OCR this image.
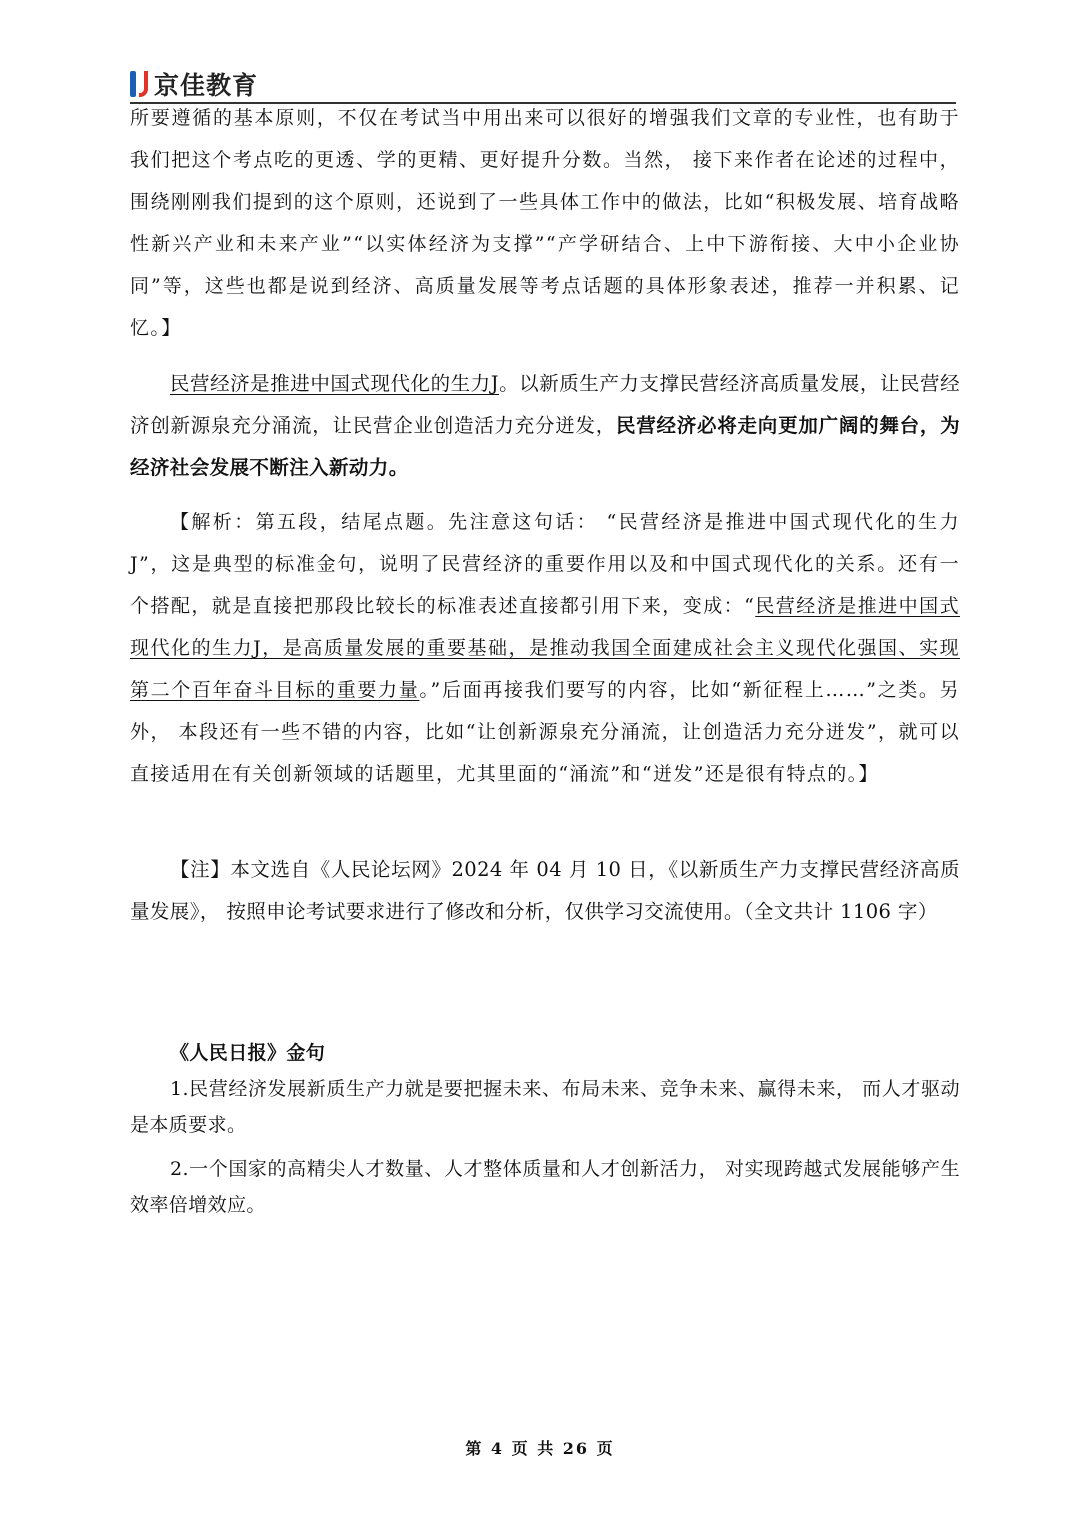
京佳教育

所要遵循的基本原则，不仅在考试当中用出来可以很好的增强我们文章的专业性，也有助于我们把这个考点吃的更透、学的更精、更好提升分数。当然， 接下来作者在论述的过程中，围绕刚刚我们提到的这个原则，还说到了一些具体工作中的做法，比如“积极发展、培育战略性新兴产业和未来产业”“以实体经济为支撑”“产学研结合、上中下游衔接、大中小企业协同”等，这些也都是说到经济、高质量发展等考点话题的具体形象表述，推荐一并积累、记忆。】

民营经济是推进中国式现代化的生力J。以新质生产力支撑民营经济高质量发展，让民营经济创新源泉充分涌流，让民营企业创造活力充分迸发，民营经济必将走向更加广阔的舞台，为经济社会发展不断注入新动力。

【解析：第五段，结尾点题。先注意这句话： “民营经济是推进中国式现代化的生力J”，这是典型的标准金句，说明了民营经济的重要作用以及和中国式现代化的关系。还有一个搭配，就是直接把那段比较长的标准表述直接都引用下来，变成：“民营经济是推进中国式现代化的生力J，是高质量发展的重要基础，是推动我国全面建成社会主义现代化强国、实现第二个百年奋斗目标的重要力量。”后面再接我们要写的内容，比如“新征程上……”之类。另外， 本段还有一些不错的内容，比如“让创新源泉充分涌流，让创造活力充分迸发”，就可以直接适用在有关创新领域的话题里，尤其里面的“涌流”和“迸发”还是很有特点的。】

【注】本文选自《人民论坛网》2024 年 04 月 10 日，《以新质生产力支撑民营经济高质量发展》， 按照申论考试要求进行了修改和分析，仅供学习交流使用。（全文共计 1106 字）

《人民日报》金句

1.民营经济发展新质生产力就是要把握未来、布局未来、竞争未来、赢得未来， 而人才驱动是本质要求。

2.一个国家的高精尖人才数量、人才整体质量和人才创新活力， 对实现跨越式发展能够产生效率倍增效应。

第 4 页 共 26 页
